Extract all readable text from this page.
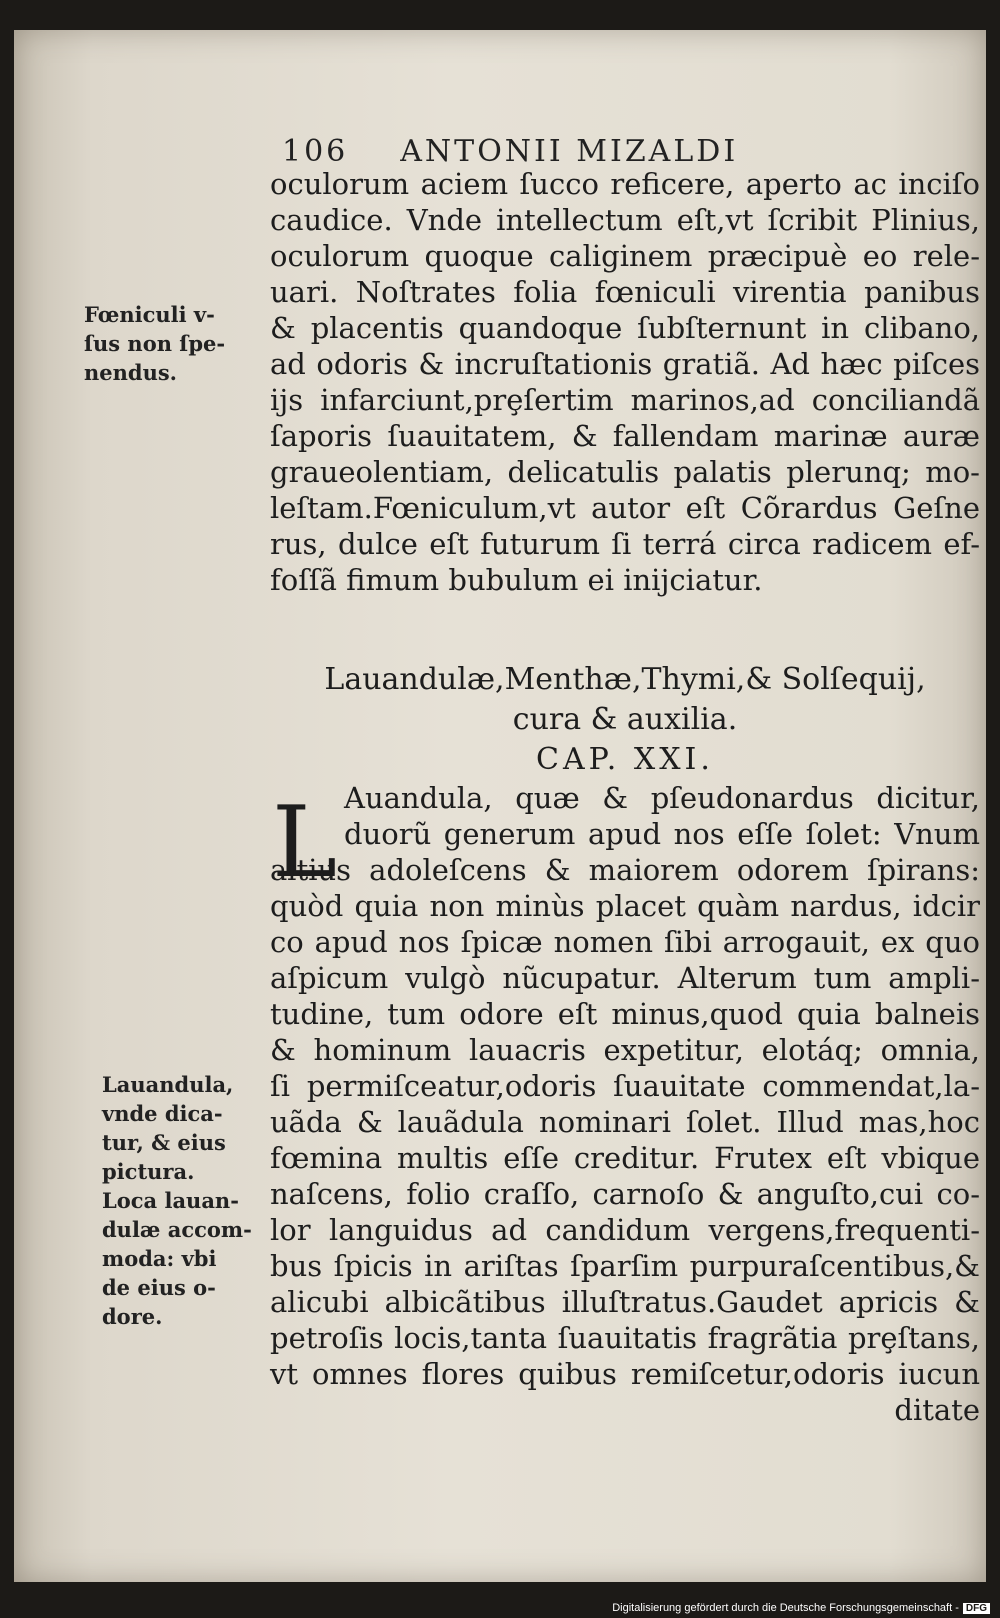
106 ANTONII MIZALDI
oculorum aciem ſucco reficere, aperto ac inciſo
caudice. Vnde intellectum eſt,vt ſcribit Plinius,
oculorum quoque caliginem præcipuè eo rele-
uari. Noſtrates folia fœniculi virentia panibus
& placentis quandoque ſubſternunt in clibano,
ad odoris & incruſtationis gratiã. Ad hæc piſces
ijs infarciunt,prȩſertim marinos,ad conciliandã
ſaporis ſuauitatem, & fallendam marinæ auræ
graueolentiam, delicatulis palatis plerunq; mo-
leſtam.Fœniculum,vt autor eſt Cõrardus Geſne
rus, dulce eſt futurum ſi terrá circa radicem ef-
foſſã fimum bubulum ei inijciatur.
Fœniculi v-
ſus non ſpe-
nendus.
Lauandulæ,Menthæ,Thymi,& Solſequij,
cura & auxilia.
CAP. XXI.
L Auandula, quæ & pſeudonardus dicitur,
duorũ generum apud nos eſſe ſolet: Vnum
altius adoleſcens & maiorem odorem ſpirans:
quòd quia non minùs placet quàm nardus, idcir
co apud nos ſpicæ nomen ſibi arrogauit, ex quo
aſpicum vulgò nũcupatur. Alterum tum ampli-
tudine, tum odore eſt minus,quod quia balneis
& hominum lauacris expetitur, elotáq; omnia,
ſi permiſceatur,odoris ſuauitate commendat,la-
uãda & lauãdula nominari ſolet. Illud mas,hoc
fœmina multis eſſe creditur. Frutex eſt vbique
naſcens, folio craſſo, carnoſo & anguſto,cui co-
lor languidus ad candidum vergens,frequenti-
bus ſpicis in ariſtas ſparſim purpuraſcentibus,&
alicubi albicãtibus illuſtratus.Gaudet apricis &
petroſis locis,tanta ſuauitatis fragrãtia prȩſtans,
vt omnes flores quibus remiſcetur,odoris iucun
ditate
Lauandula,
vnde dica-
tur, & eius
pictura.
Loca lauan-
dulæ accom-
moda: vbi
de eius o-
dore.
Digitalisierung gefördert durch die Deutsche Forschungsgemeinschaft - DFG
